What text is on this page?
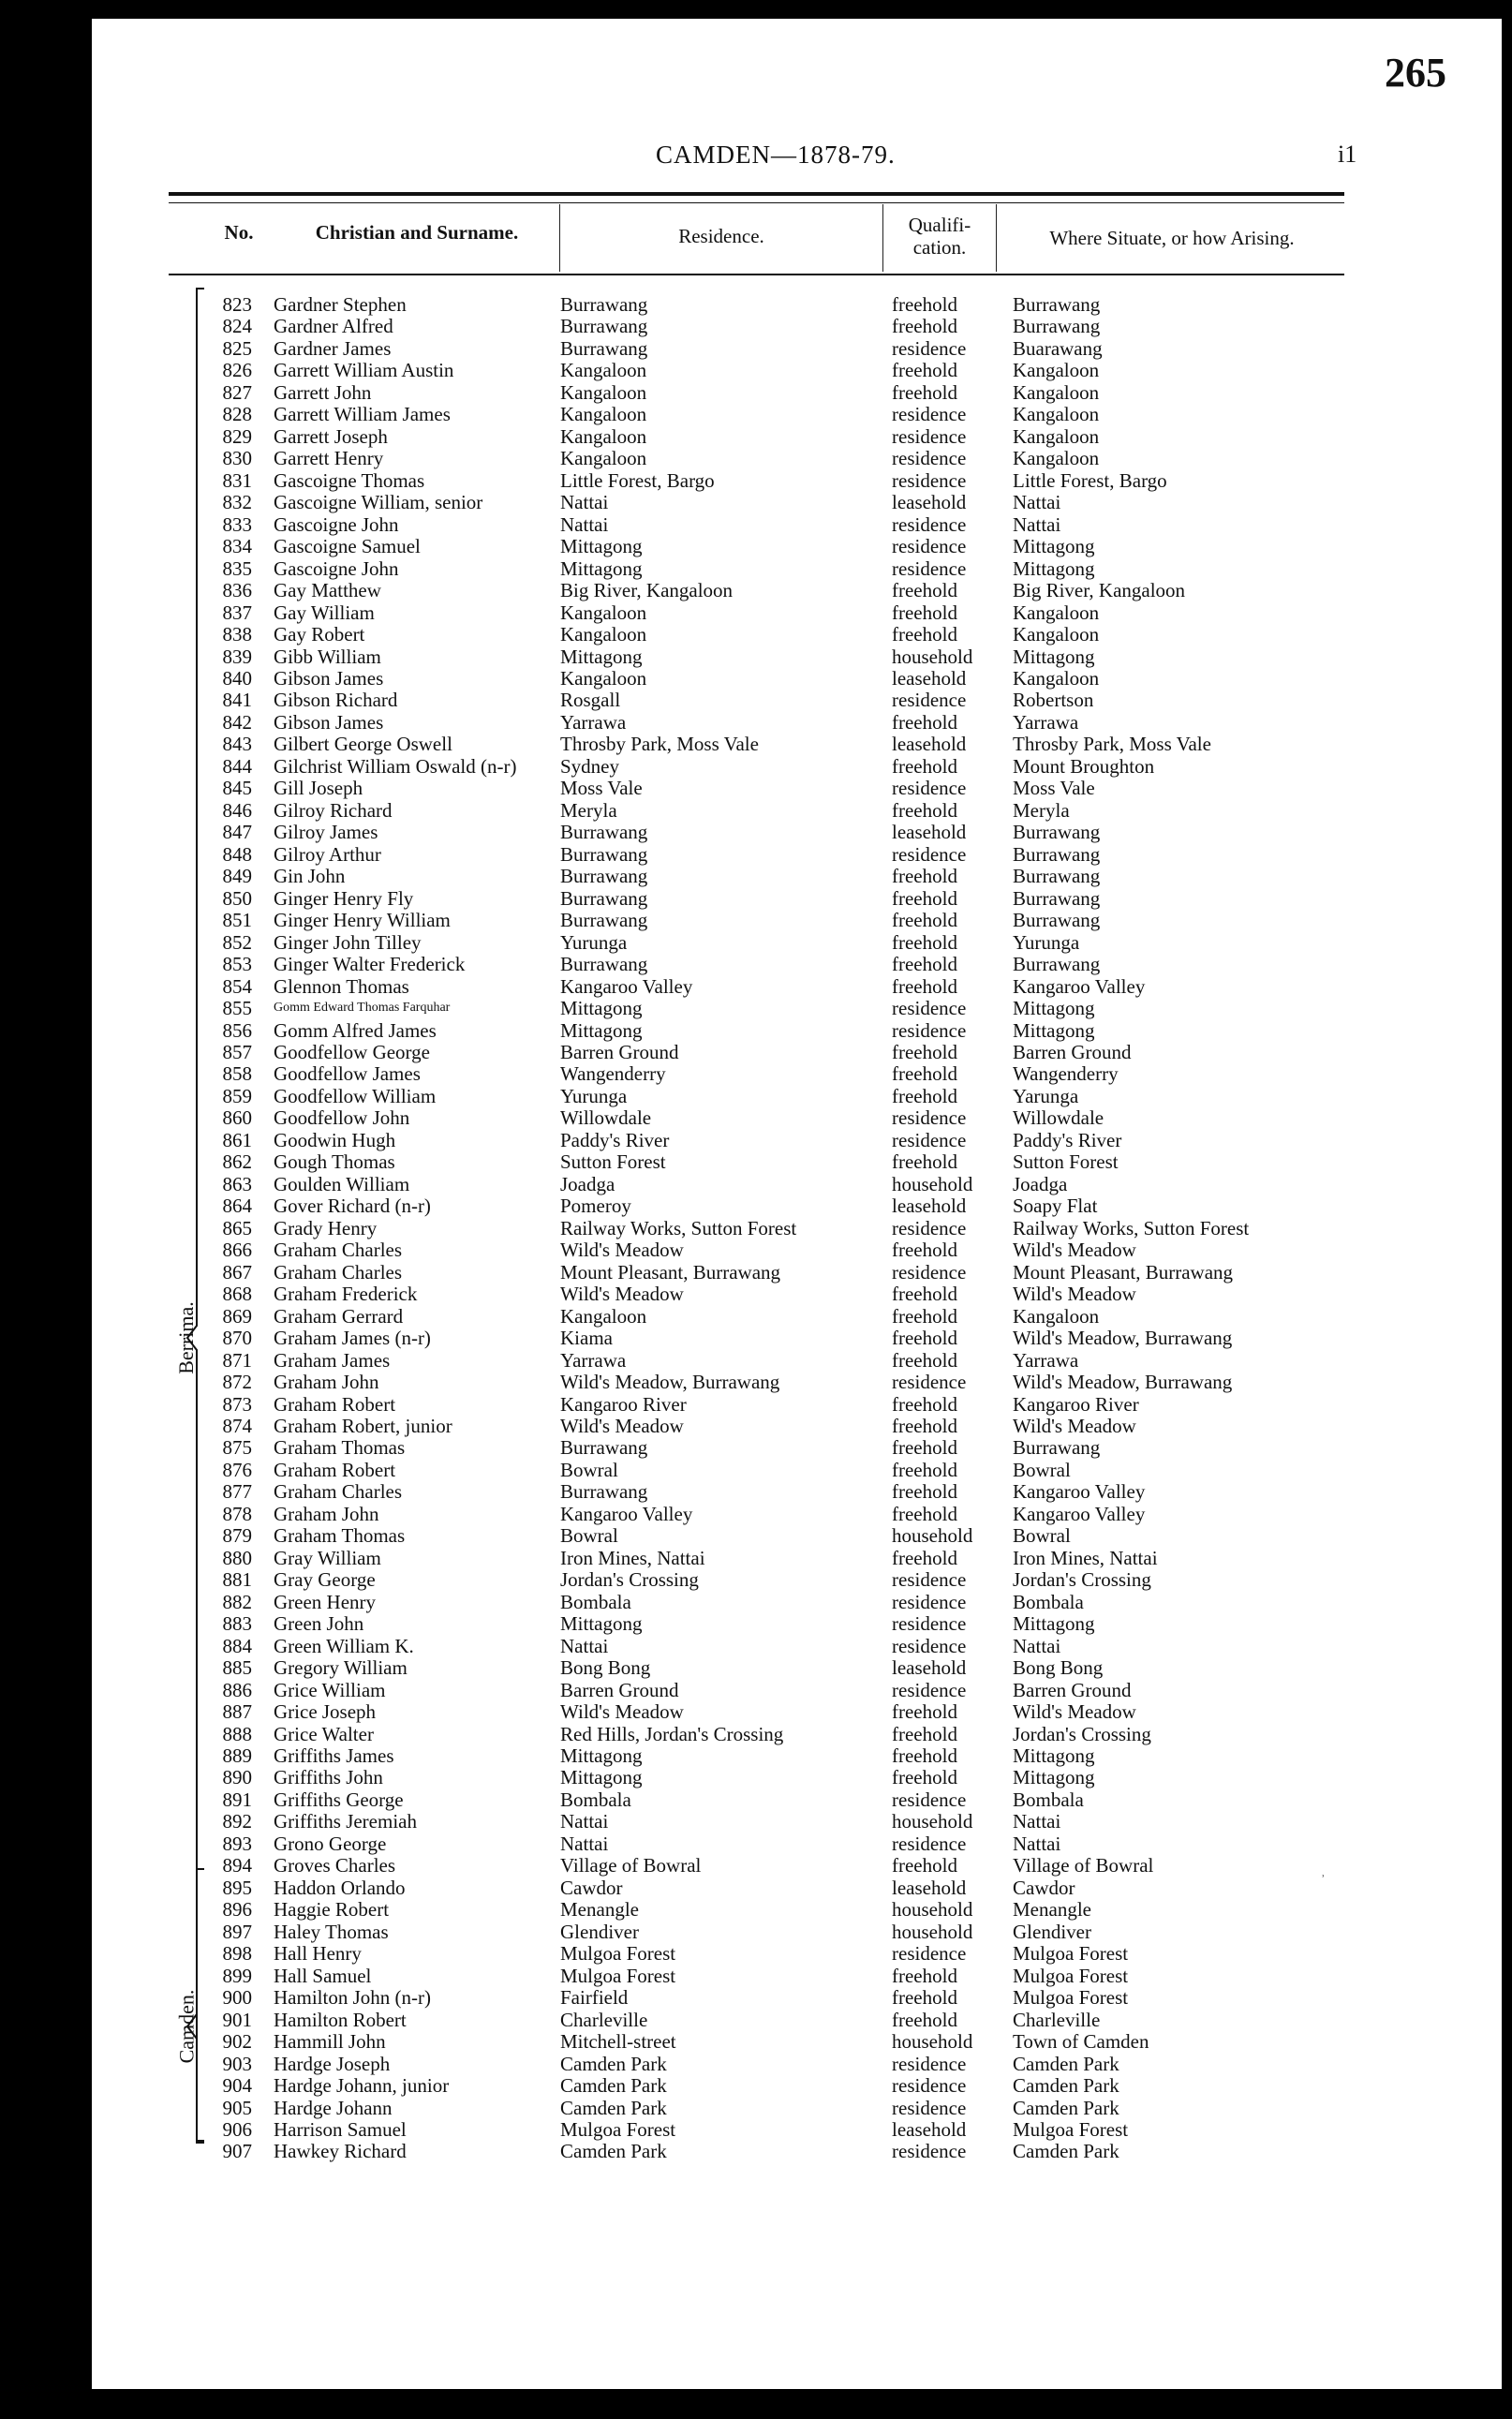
265
CAMDEN—1878-79.	i1
No.	Christian and Surname.	Residence.	Qualifi-cation.	Where Situate, or how Arising.
Berrima.
Camden.
823 Gardner Stephen	Burrawang	freehold	Burrawang
824 Gardner Alfred	Burrawang	freehold	Burrawang
825 Gardner James	Burrawang	residence Buarawang
826 Garrett William Austin	Kangaloon	freehold	Kangaloon
827 Garrett John	Kangaloon	freehold	Kangaloon
828 Garrett William James	Kangaloon	residence Kangaloon
829 Garrett Joseph	Kangaloon	residence Kangaloon
830 Garrett Henry	Kangaloon	residence Kangaloon
831 Gascoigne Thomas	Little Forest, Bargo	residence Little Forest, Bargo
832 Gascoigne William, senior	Nattai	leasehold Nattai
833 Gascoigne John	Nattai	residence Nattai
834 Gascoigne Samuel	Mittagong	residence Mittagong
835 Gascoigne John	Mittagong	residence Mittagong
836 Gay Matthew	Big River, Kangaloon	freehold	Big River, Kangaloon
837 Gay William	Kangaloon	freehold	Kangaloon
838 Gay Robert	Kangaloon	freehold	Kangaloon
839 Gibb William	Mittagong	household Mittagong
840 Gibson James	Kangaloon	leasehold Kangaloon
841 Gibson Richard	Rosgall	residence Robertson
842 Gibson James	Yarrawa	freehold	Yarrawa
843 Gilbert George Oswell	Throsby Park, Moss Vale	leasehold Throsby Park, Moss Vale
844 Gilchrist William Oswald (n-r) Sydney	freehold	Mount Broughton
845 Gill Joseph	Moss Vale	residence Moss Vale
846 Gilroy Richard	Meryla	freehold	Meryla
847 Gilroy James	Burrawang	leasehold Burrawang
848 Gilroy Arthur	Burrawang	residence Burrawang
849 Gin John	Burrawang	freehold	Burrawang
850 Ginger Henry Fly	Burrawang	freehold	Burrawang
851 Ginger Henry William	Burrawang	freehold	Burrawang
852 Ginger John Tilley	Yurunga	freehold	Yurunga
853 Ginger Walter Frederick	Burrawang	freehold	Burrawang
854 Glennon Thomas	Kangaroo Valley	freehold	Kangaroo Valley
855 Gomm Edward Thomas Farquhar	Mittagong	residence Mittagong
856 Gomm Alfred James	Mittagong	residence Mittagong
857 Goodfellow George	Barren Ground	freehold	Barren Ground
858 Goodfellow James	Wangenderry	freehold	Wangenderry
859 Goodfellow William	Yurunga	freehold	Yarunga
860 Goodfellow John	Willowdale	residence Willowdale
861 Goodwin Hugh	Paddy's River	residence Paddy's River
862 Gough Thomas	Sutton Forest	freehold	Sutton Forest
863 Goulden William	Joadga	household Joadga
864 Gover Richard (n-r)	Pomeroy	leasehold Soapy Flat
865 Grady Henry	Railway Works, Sutton Forest	residence Railway Works, Sutton Forest
866 Graham Charles	Wild's Meadow	freehold	Wild's Meadow
867 Graham Charles	Mount Pleasant, Burrawang	residence Mount Pleasant, Burrawang
868 Graham Frederick	Wild's Meadow	freehold	Wild's Meadow
869 Graham Gerrard	Kangaloon	freehold	Kangaloon
870 Graham James (n-r)	Kiama	freehold	Wild's Meadow, Burrawang
871 Graham James	Yarrawa	freehold	Yarrawa
872 Graham John	Wild's Meadow, Burrawang	residence Wild's Meadow, Burrawang
873 Graham Robert	Kangaroo River	freehold	Kangaroo River
874 Graham Robert, junior	Wild's Meadow	freehold	Wild's Meadow
875 Graham Thomas	Burrawang	freehold	Burrawang
876 Graham Robert	Bowral	freehold	Bowral
877 Graham Charles	Burrawang	freehold	Kangaroo Valley
878 Graham John	Kangaroo Valley	freehold	Kangaroo Valley
879 Graham Thomas	Bowral	household Bowral
880 Gray William	Iron Mines, Nattai	freehold	Iron Mines, Nattai
881 Gray George	Jordan's Crossing	residence Jordan's Crossing
882 Green Henry	Bombala	residence Bombala
883 Green John	Mittagong	residence Mittagong
884 Green William K.	Nattai	residence Nattai
885 Gregory William	Bong Bong	leasehold Bong Bong
886 Grice William	Barren Ground	residence Barren Ground
887 Grice Joseph	Wild's Meadow	freehold	Wild's Meadow
888 Grice Walter	Red Hills, Jordan's Crossing	freehold	Jordan's Crossing
889 Griffiths James	Mittagong	freehold	Mittagong
890 Griffiths John	Mittagong	freehold	Mittagong
891 Griffiths George	Bombala	residence Bombala
892 Griffiths Jeremiah	Nattai	household Nattai
893 Grono George	Nattai	residence Nattai
894 Groves Charles	Village of Bowral	freehold	Village of Bowral
895 Haddon Orlando	Cawdor	leasehold Cawdor
896 Haggie Robert	Menangle	household Menangle
897 Haley Thomas	Glendiver	household Glendiver
898 Hall Henry	Mulgoa Forest	residence Mulgoa Forest
899 Hall Samuel	Mulgoa Forest	freehold	Mulgoa Forest
900 Hamilton John (n-r)	Fairfield	freehold	Mulgoa Forest
901 Hamilton Robert	Charleville	freehold	Charleville
902 Hammill John	Mitchell-street	household Town of Camden
903 Hardge Joseph	Camden Park	residence Camden Park
904 Hardge Johann, junior	Camden Park	residence Camden Park
905 Hardge Johann	Camden Park	residence Camden Park
906 Harrison Samuel	Mulgoa Forest	leasehold Mulgoa Forest
907 Hawkey Richard	Camden Park	residence Camden Park
ʾ
